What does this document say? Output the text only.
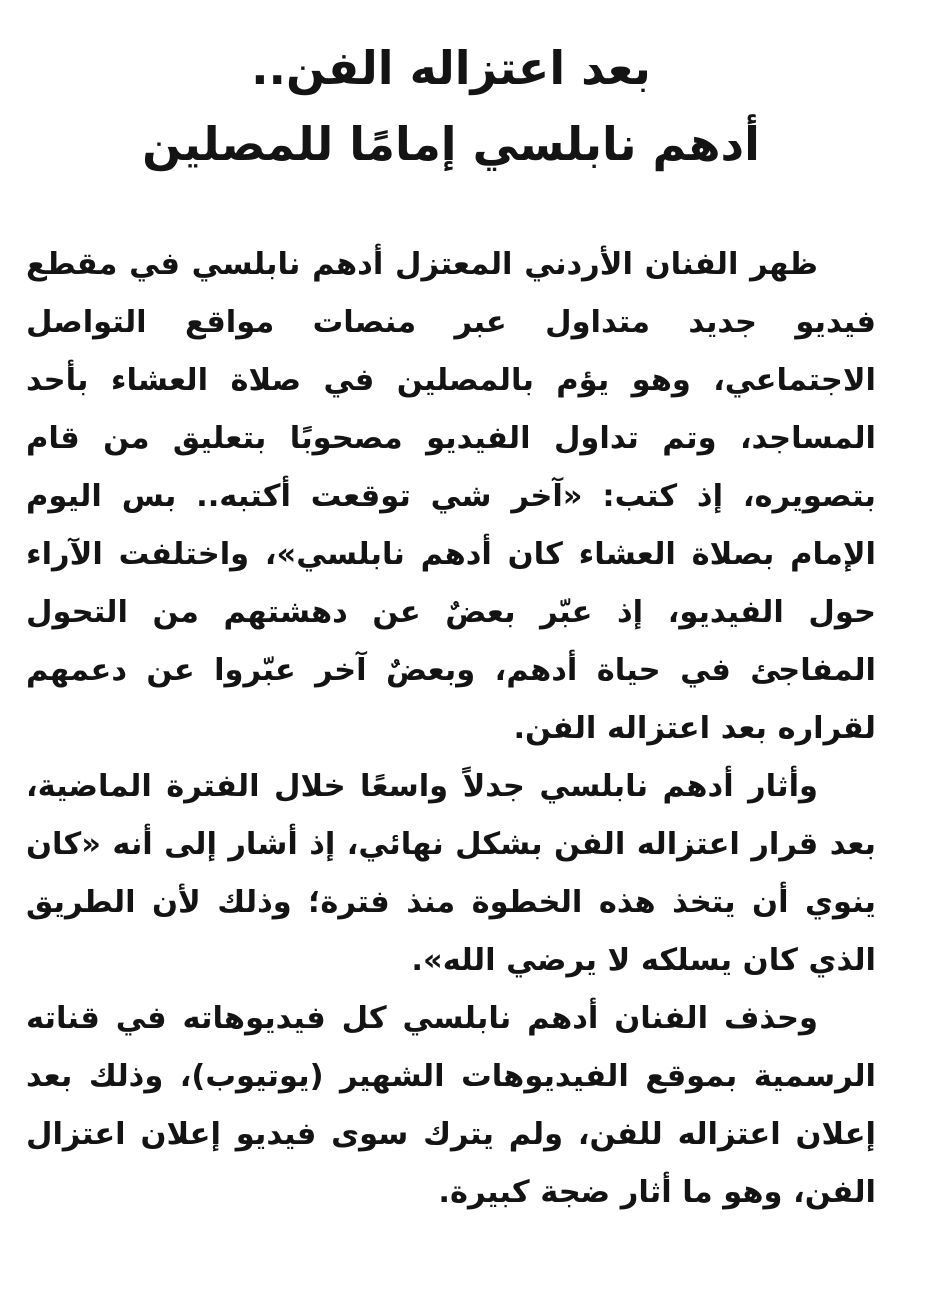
بعد اعتزاله الفن..
أدهم نابلسي إمامًا للمصلين

ظهر الفنان الأردني المعتزل أدهم نابلسي في مقطع فيديو جديد متداول عبر منصات مواقع التواصل الاجتماعي، وهو يؤم بالمصلين في صلاة العشاء بأحد المساجد، وتم تداول الفيديو مصحوبًا بتعليق من قام بتصويره، إذ كتب: «آخر شي توقعت أكتبه.. بس اليوم الإمام بصلاة العشاء كان أدهم نابلسي»، واختلفت الآراء حول الفيديو، إذ عبّر بعضٌ عن دهشتهم من التحول المفاجئ في حياة أدهم، وبعضٌ آخر عبّروا عن دعمهم لقراره بعد اعتزاله الفن.

وأثار أدهم نابلسي جدلاً واسعًا خلال الفترة الماضية، بعد قرار اعتزاله الفن بشكل نهائي، إذ أشار إلى أنه «كان ينوي أن يتخذ هذه الخطوة منذ فترة؛ وذلك لأن الطريق الذي كان يسلكه لا يرضي الله».

وحذف الفنان أدهم نابلسي كل فيديوهاته في قناته الرسمية بموقع الفيديوهات الشهير (يوتيوب)، وذلك بعد إعلان اعتزاله للفن، ولم يترك سوى فيديو إعلان اعتزال الفن، وهو ما أثار ضجة كبيرة.
